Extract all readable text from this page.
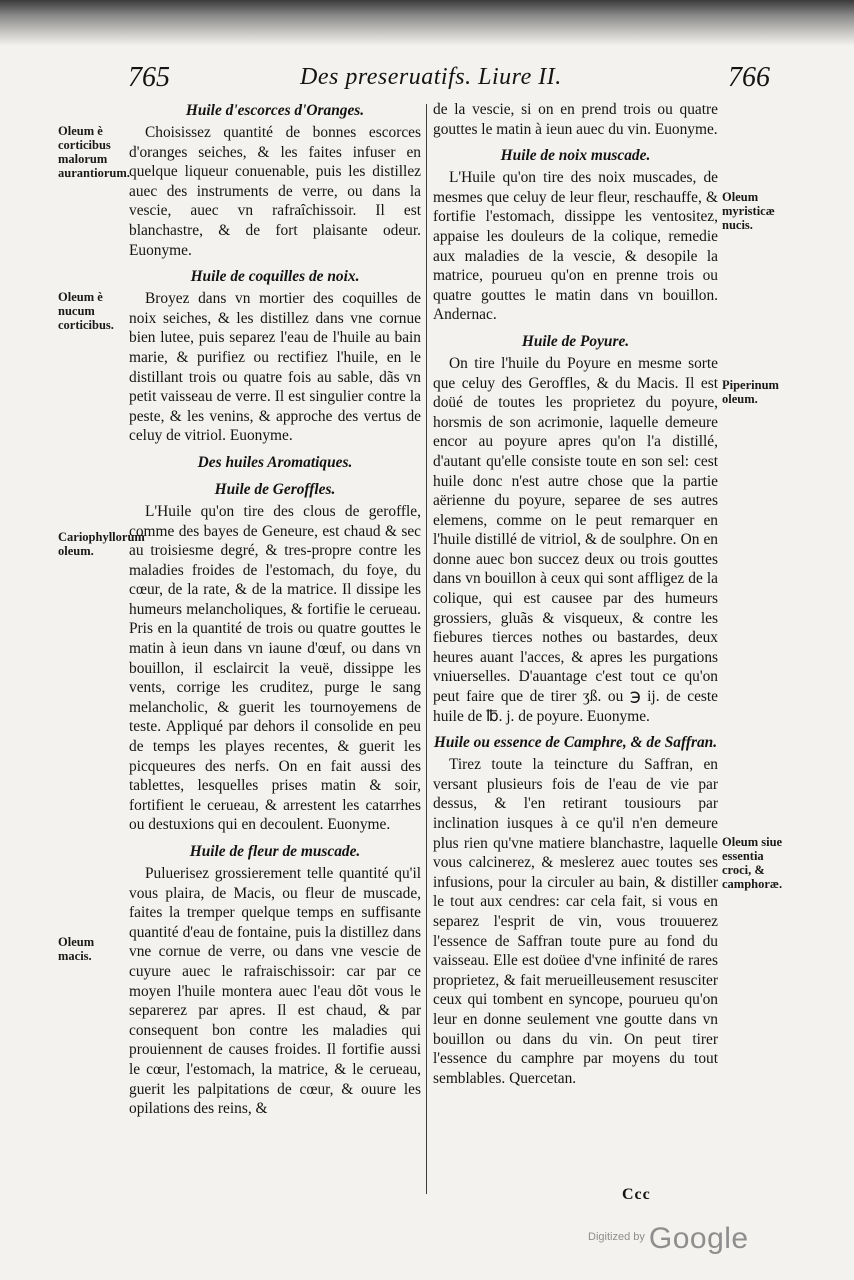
765	Des preseruatifs. Liure II.	766
Huile d'escorces d'Oranges.

Choisissez quantité de bonnes escorces d'oranges seiches, & les faites infuser en quelque liqueur conuenable, puis les distillez auec des instruments de verre, ou dans la vescie, auec vn rafraîchissoir. Il est blanchastre, & de fort plaisante odeur. Euonyme.

Huile de coquilles de noix.

Broyez dans vn mortier des coquilles de noix seiches, & les distillez dans vne cornue bien lutee, puis separez l'eau de l'huile au bain marie, & purifiez ou rectifiez l'huile, en le distillant trois ou quatre fois au sable, dãs vn petit vaisseau de verre. Il est singulier contre la peste, & les venins, & approche des vertus de celuy de vitriol. Euonyme.

Des huiles Aromatiques.
Huile de Geroffles.

L'Huile qu'on tire des clous de geroffle, comme des bayes de Geneure, est chaud & sec au troisiesme degré, & tres-propre contre les maladies froides de l'estomach, du foye, du cœur, de la rate, & de la matrice. Il dissipe les humeurs melancholiques, & fortifie le cerueau. Pris en la quantité de trois ou quatre gouttes le matin à ieun dans vn iaune d'œuf, ou dans vn bouillon, il esclaircit la veuë, dissippe les vents, corrige les cruditez, purge le sang melancholic, & guerit les tournoyemens de teste. Appliqué par dehors il consolide en peu de temps les playes recentes, & guerit les picqueures des nerfs. On en fait aussi des tablettes, lesquelles prises matin & soir, fortifient le cerueau, & arrestent les catarrhes ou destuxions qui en decoulent. Euonyme.

Huile de fleur de muscade.

Puluerisez grossierement telle quantité qu'il vous plaira, de Macis, ou fleur de muscade, faites la tremper quelque temps en suffisante quantité d'eau de fontaine, puis la distillez dans vne cornue de verre, ou dans vne vescie de cuyure auec le rafraischissoir: car par ce moyen l'huile montera auec l'eau dõt vous le separerez par apres. Il est chaud, & par consequent bon contre les maladies qui prouiennent de causes froides. Il fortifie aussi le cœur, l'estomach, la matrice, & le cerueau, guerit les palpitations de cœur, & ouure les opilations des reins, &

de la vescie, si on en prend trois ou quatre gouttes le matin à ieun auec du vin. Euonyme.

Huile de noix muscade.

L'Huile qu'on tire des noix muscades, de mesmes que celuy de leur fleur, reschauffe, & fortifie l'estomach, dissippe les ventositez, appaise les douleurs de la colique, remedie aux maladies de la vescie, & desopile la matrice, pourueu qu'on en prenne trois ou quatre gouttes le matin dans vn bouillon. Andernac.

Huile de Poyure.

On tire l'huile du Poyure en mesme sorte que celuy des Geroffles, & du Macis. Il est doüé de toutes les proprietez du poyure, horsmis de son acrimonie, laquelle demeure encor au poyure apres qu'on l'a distillé, d'autant qu'elle consiste toute en son sel: cest huile donc n'est autre chose que la partie aërienne du poyure, separee de ses autres elemens, comme on le peut remarquer en l'huile distillé de vitriol, & de soulphre. On en donne auec bon succez deux ou trois gouttes dans vn bouillon à ceux qui sont affligez de la colique, qui est causee par des humeurs grossiers, gluãs & visqueux, & contre les fiebures tierces nothes ou bastardes, deux heures auant l'acces, & apres les purgations vniuerselles. D'auantage c'est tout ce qu'on peut faire que de tirer ʒß. ou ℈ ij. de ceste huile de ℔. j. de poyure. Euonyme.

Huile ou essence de Camphre, & de Saffran.

Tirez toute la teincture du Saffran, en versant plusieurs fois de l'eau de vie par dessus, & l'en retirant tousiours par inclination iusques à ce qu'il n'en demeure plus rien qu'vne matiere blanchastre, laquelle vous calcinerez, & meslerez auec toutes ses infusions, pour la circuler au bain, & distiller le tout aux cendres: car cela fait, si vous en separez l'esprit de vin, vous trouuerez l'essence de Saffran toute pure au fond du vaisseau. Elle est doüee d'vne infinité de rares proprietez, & fait merueilleusement resusciter ceux qui tombent en syncope, pourueu qu'on leur en donne seulement vne goutte dans vn bouillon ou dans du vin. On peut tirer l'essence du camphre par moyens du tout semblables. Quercetan.

Oleum è corticibus malorum aurantiorum.
Oleum è nucum corticibus.
Cariophyllorum oleum.
Oleum macis.
Oleum myristicæ nucis.
Piperinum oleum.
Oleum siue essentia croci, & camphoræ.
Ccc
$^{Digitized by}$ Google
